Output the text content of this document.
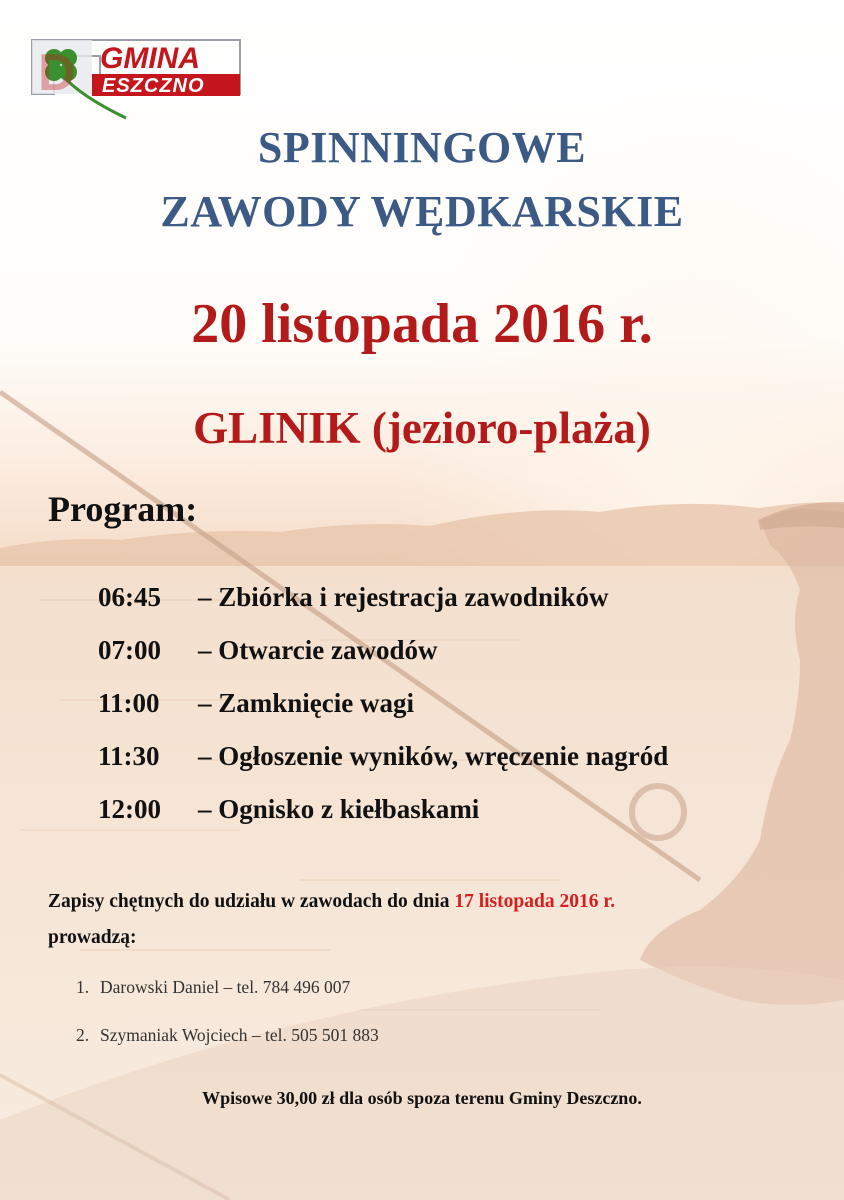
D GMINA
ESZCZNO
SPINNINGOWE
ZAWODY WĘDKARSKIE
20 listopada 2016 r.
GLINIK (jezioro-plaża)
Program:
06:45 – Zbiórka i rejestracja zawodników
07:00 – Otwarcie zawodów
11:00 – Zamknięcie wagi
11:30 – Ogłoszenie wyników, wręczenie nagród
12:00 – Ognisko z kiełbaskami
Zapisy chętnych do udziału w zawodach do dnia 17 listopada 2016 r.
prowadzą:
1. Darowski Daniel – tel. 784 496 007
2. Szymaniak Wojciech – tel. 505 501 883
Wpisowe 30,00 zł dla osób spoza terenu Gminy Deszczno.
